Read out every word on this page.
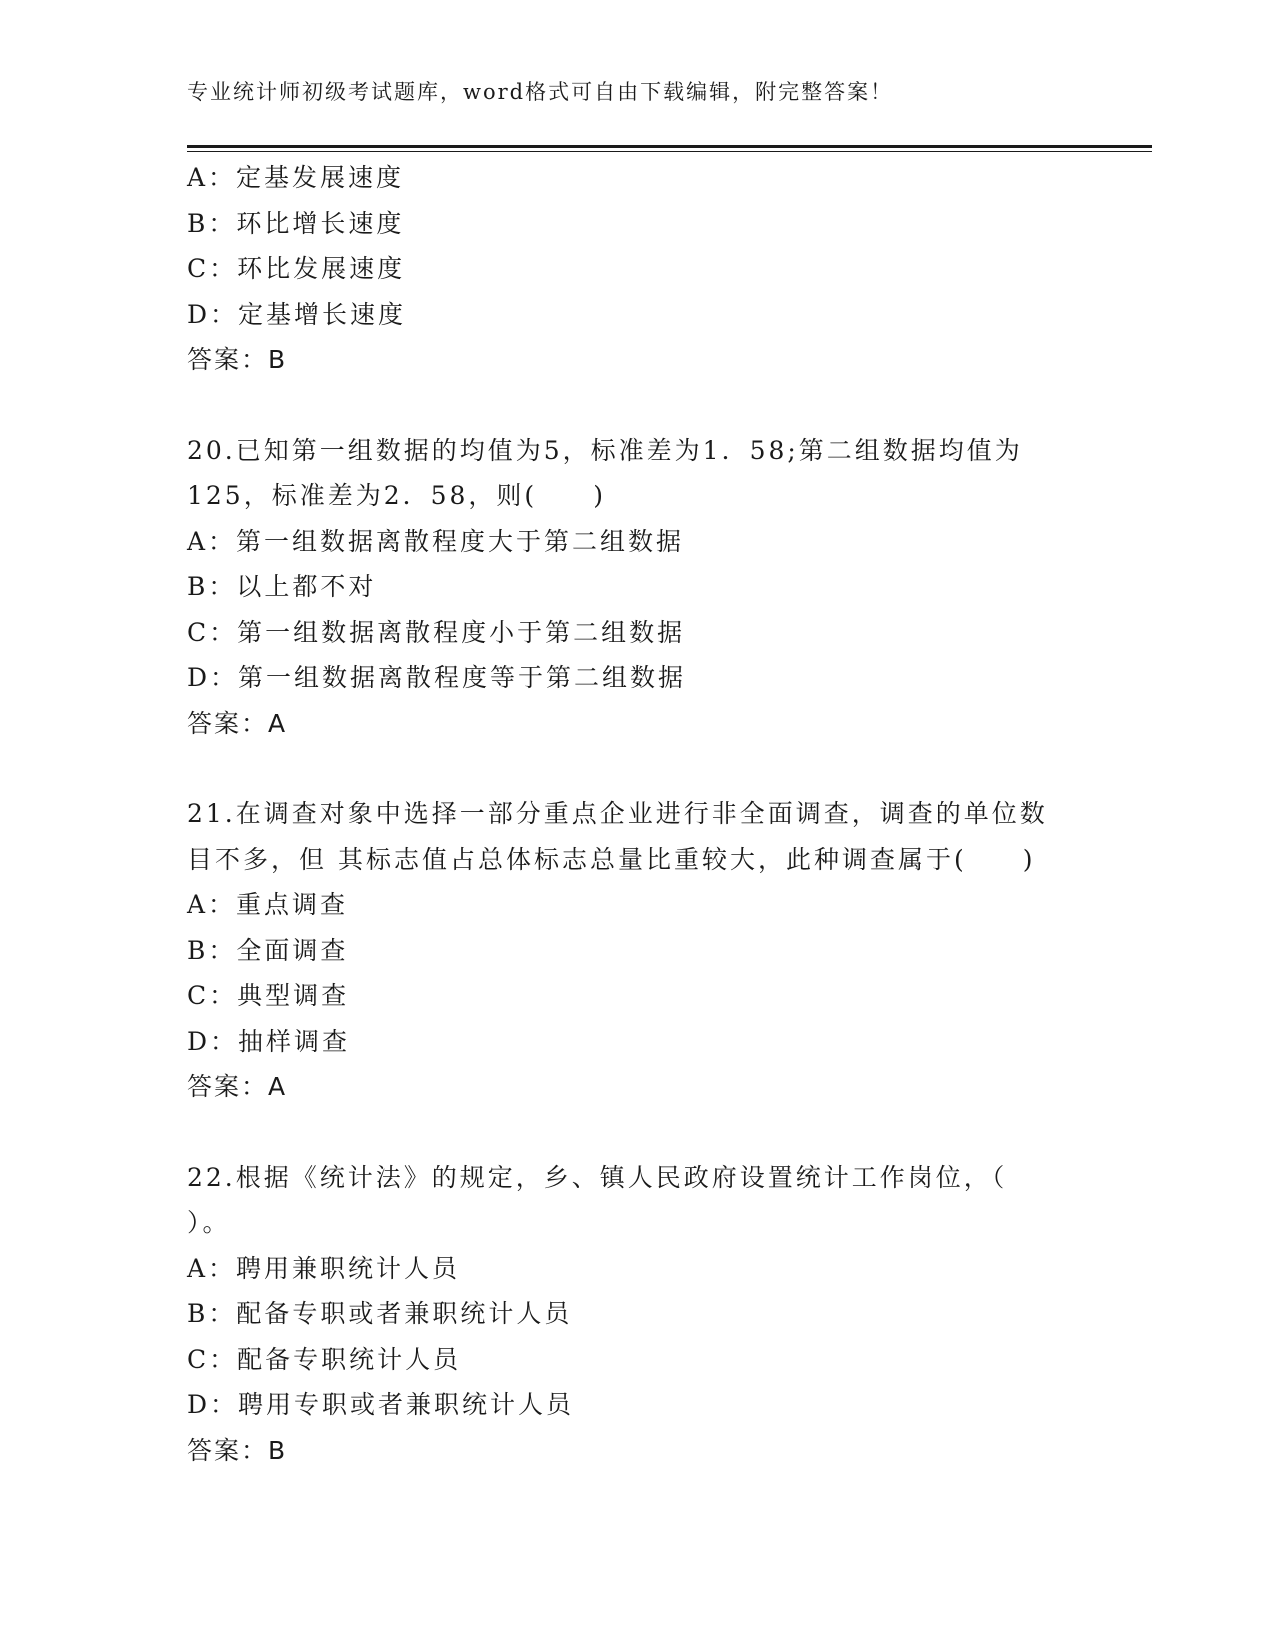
专业统计师初级考试题库，word格式可自由下载编辑，附完整答案！
A：定基发展速度
B：环比增长速度
C：环比发展速度
D：定基增长速度
答案：B
20.已知第一组数据的均值为5，标准差为1．58;第二组数据均值为
125，标准差为2．58，则(　　)
A：第一组数据离散程度大于第二组数据
B：以上都不对
C：第一组数据离散程度小于第二组数据
D：第一组数据离散程度等于第二组数据
答案：A
21.在调查对象中选择一部分重点企业进行非全面调查，调查的单位数
目不多，但 其标志值占总体标志总量比重较大，此种调查属于(　　)
A：重点调查
B：全面调查
C：典型调查
D：抽样调查
答案：A
22.根据《统计法》的规定，乡、镇人民政府设置统计工作岗位，（
）。
A：聘用兼职统计人员
B：配备专职或者兼职统计人员
C：配备专职统计人员
D：聘用专职或者兼职统计人员
答案：B
